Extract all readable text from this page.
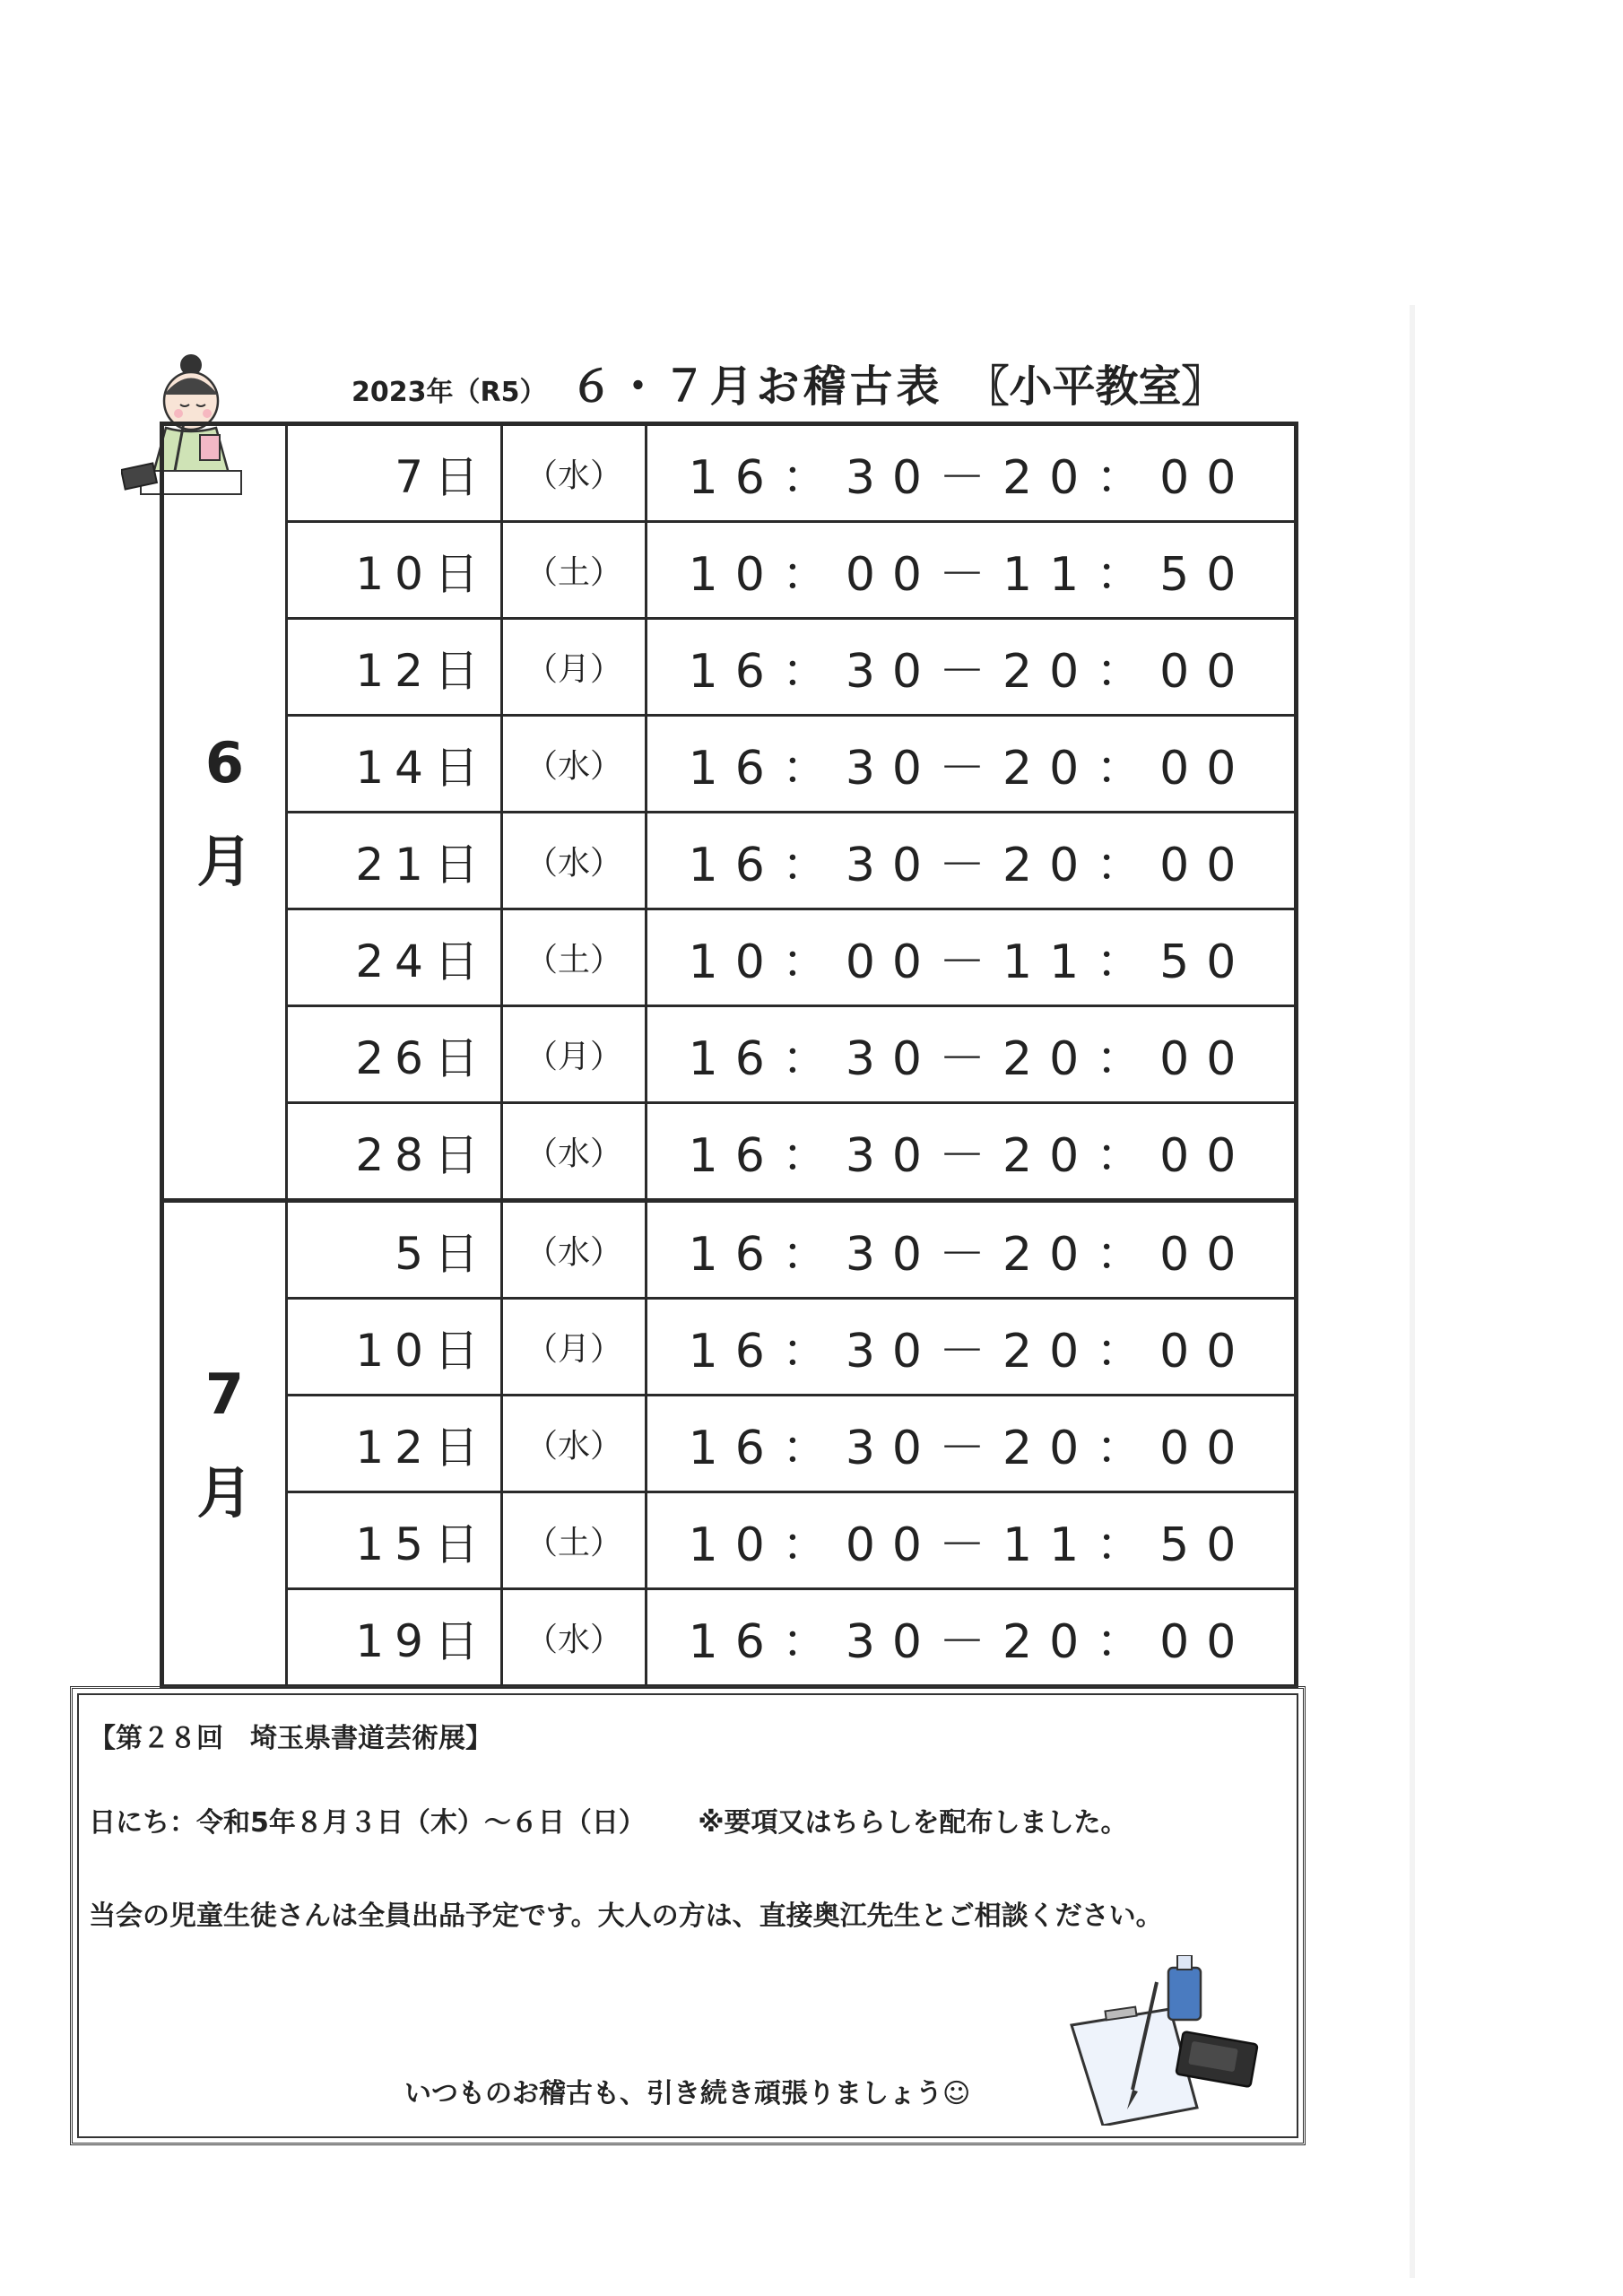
2023年（R5） ６・７月お稽古表 〖小平教室〗
6
月
7日	（水）	16：30－20：00
10日	（土）	10：00－11：50
12日	（月）	16：30－20：00
14日	（水）	16：30－20：00
21日	（水）	16：30－20：00
24日	（土）	10：00－11：50
26日	（月）	16：30－20：00
28日	（水）	16：30－20：00
7
月
5日	（水）	16：30－20：00
10日	（月）	16：30－20：00
12日	（水）	16：30－20：00
15日	（土）	10：00－11：50
19日	（水）	16：30－20：00
【第２８回　埼玉県書道芸術展】
日にち：令和5年８月３日（木）～６日（日） ※要項又はちらしを配布しました。
当会の児童生徒さんは全員出品予定です。大人の方は、直接奥江先生とご相談ください。
いつものお稽古も、引き続き頑張りましょう☺
